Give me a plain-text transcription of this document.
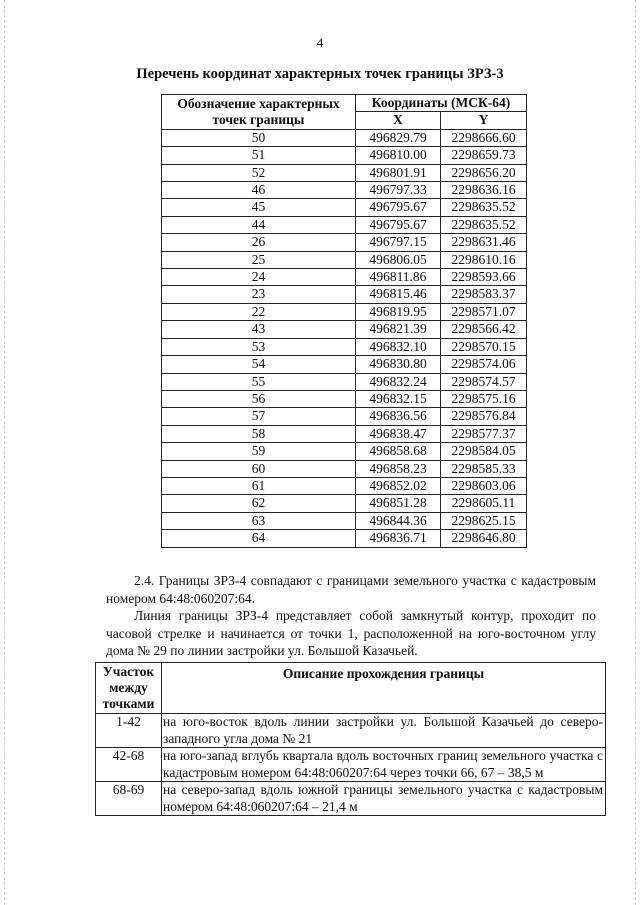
4
Перечень координат характерных точек границы ЗРЗ-3
Обозначение характерных точек границы	Координаты (МСК-64)	
	X	Y
50	496829.79	2298666.60
51	496810.00	2298659.73
52	496801.91	2298656.20
46	496797.33	2298636.16
45	496795.67	2298635.52
44	496795.67	2298635.52
26	496797.15	2298631.46
25	496806.05	2298610.16
24	496811.86	2298593.66
23	496815.46	2298583.37
22	496819.95	2298571.07
43	496821.39	2298566.42
53	496832.10	2298570.15
54	496830.80	2298574.06
55	496832.24	2298574.57
56	496832.15	2298575.16
57	496836.56	2298576.84
58	496838.47	2298577.37
59	496858.68	2298584.05
60	496858.23	2298585.33
61	496852.02	2298603.06
62	496851.28	2298605.11
63	496844.36	2298625.15
64	496836.71	2298646.80
2.4. Границы ЗРЗ-4 совпадают с границами земельного участка с кадастровым номером 64:48:060207:64.
Линия границы ЗРЗ-4 представляет собой замкнутый контур, проходит по часовой стрелке и начинается от точки 1, расположенной на юго-восточном углу дома № 29 по линии застройки ул. Большой Казачьей.
Участок между точками	Описание прохождения границы
1-42	на юго-восток вдоль линии застройки ул. Большой Казачьей до северо-западного угла дома № 21
42-68	на юго-запад вглубь квартала вдоль восточных границ земельного участка с кадастровым номером 64:48:060207:64 через точки 66, 67 – 38,5 м
68-69	на северо-запад вдоль южной границы земельного участка с кадастровым номером 64:48:060207:64 – 21,4 м
